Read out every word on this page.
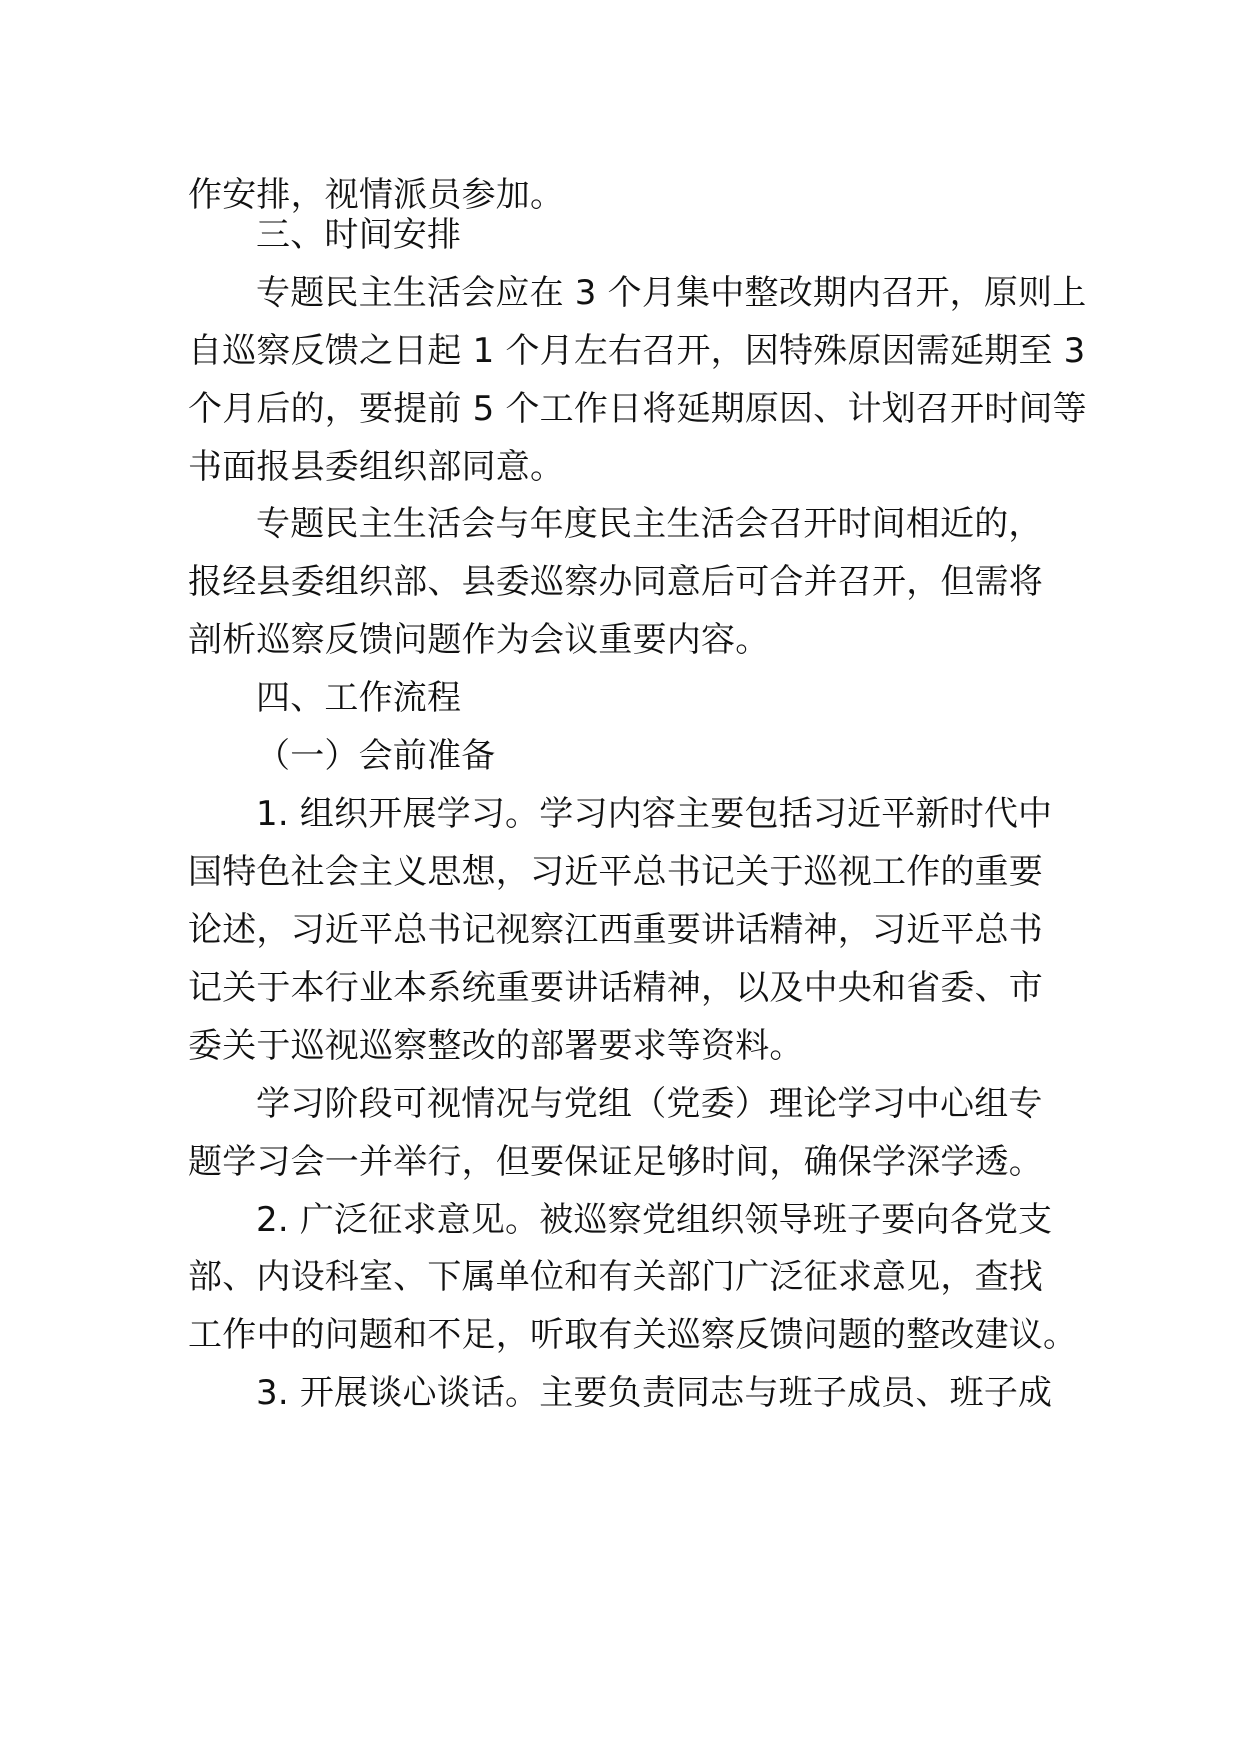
作安排，视情派员参加。
三、时间安排
专题民主生活会应在 3 个月集中整改期内召开，原则上
自巡察反馈之日起 1 个月左右召开，因特殊原因需延期至 3
个月后的，要提前 5 个工作日将延期原因、计划召开时间等
书面报县委组织部同意。
专题民主生活会与年度民主生活会召开时间相近的，
报经县委组织部、县委巡察办同意后可合并召开，但需将
剖析巡察反馈问题作为会议重要内容。
四、工作流程
（一）会前准备
1. 组织开展学习。学习内容主要包括习近平新时代中
国特色社会主义思想，习近平总书记关于巡视工作的重要
论述，习近平总书记视察江西重要讲话精神，习近平总书
记关于本行业本系统重要讲话精神，以及中央和省委、市
委关于巡视巡察整改的部署要求等资料。
学习阶段可视情况与党组（党委）理论学习中心组专
题学习会一并举行，但要保证足够时间，确保学深学透。
2. 广泛征求意见。被巡察党组织领导班子要向各党支
部、内设科室、下属单位和有关部门广泛征求意见，查找
工作中的问题和不足，听取有关巡察反馈问题的整改建议。
3. 开展谈心谈话。主要负责同志与班子成员、班子成
